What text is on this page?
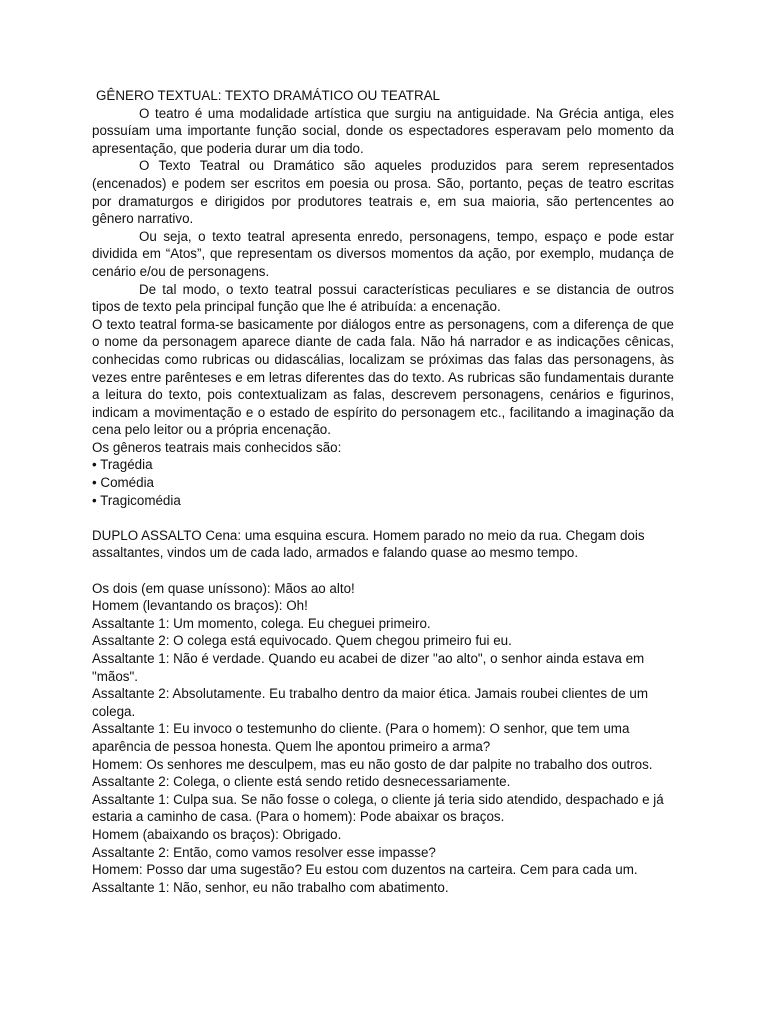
GÊNERO TEXTUAL: TEXTO DRAMÁTICO OU TEATRAL

O teatro é uma modalidade artística que surgiu na antiguidade. Na Grécia antiga, eles possuíam uma importante função social, donde os espectadores esperavam pelo momento da apresentação, que poderia durar um dia todo.

O Texto Teatral ou Dramático são aqueles produzidos para serem representados (encenados) e podem ser escritos em poesia ou prosa. São, portanto, peças de teatro escritas por dramaturgos e dirigidos por produtores teatrais e, em sua maioria, são pertencentes ao gênero narrativo.

Ou seja, o texto teatral apresenta enredo, personagens, tempo, espaço e pode estar dividida em “Atos”, que representam os diversos momentos da ação, por exemplo, mudança de cenário e/ou de personagens.

De tal modo, o texto teatral possui características peculiares e se distancia de outros tipos de texto pela principal função que lhe é atribuída: a encenação.

O texto teatral forma-se basicamente por diálogos entre as personagens, com a diferença de que o nome da personagem aparece diante de cada fala. Não há narrador e as indicações cênicas, conhecidas como rubricas ou didascálias, localizam se próximas das falas das personagens, às vezes entre parênteses e em letras diferentes das do texto. As rubricas são fundamentais durante a leitura do texto, pois contextualizam as falas, descrevem personagens, cenários e figurinos, indicam a movimentação e o estado de espírito do personagem etc., facilitando a imaginação da cena pelo leitor ou a própria encenação.

Os gêneros teatrais mais conhecidos são:

• Tragédia
• Comédia
• Tragicomédia

DUPLO ASSALTO Cena: uma esquina escura. Homem parado no meio da rua. Chegam dois assaltantes, vindos um de cada lado, armados e falando quase ao mesmo tempo.

Os dois (em quase uníssono): Mãos ao alto!

Homem (levantando os braços): Oh!

Assaltante 1: Um momento, colega. Eu cheguei primeiro.

Assaltante 2: O colega está equivocado. Quem chegou primeiro fui eu.

Assaltante 1: Não é verdade. Quando eu acabei de dizer "ao alto", o senhor ainda estava em "mãos".

Assaltante 2: Absolutamente. Eu trabalho dentro da maior ética. Jamais roubei clientes de um colega.

Assaltante 1: Eu invoco o testemunho do cliente. (Para o homem): O senhor, que tem uma aparência de pessoa honesta. Quem lhe apontou primeiro a arma?

Homem: Os senhores me desculpem, mas eu não gosto de dar palpite no trabalho dos outros.

Assaltante 2: Colega, o cliente está sendo retido desnecessariamente.

Assaltante 1: Culpa sua. Se não fosse o colega, o cliente já teria sido atendido, despachado e já estaria a caminho de casa. (Para o homem): Pode abaixar os braços.

Homem (abaixando os braços): Obrigado.

Assaltante 2: Então, como vamos resolver esse impasse?

Homem: Posso dar uma sugestão? Eu estou com duzentos na carteira. Cem para cada um.

Assaltante 1: Não, senhor, eu não trabalho com abatimento.
